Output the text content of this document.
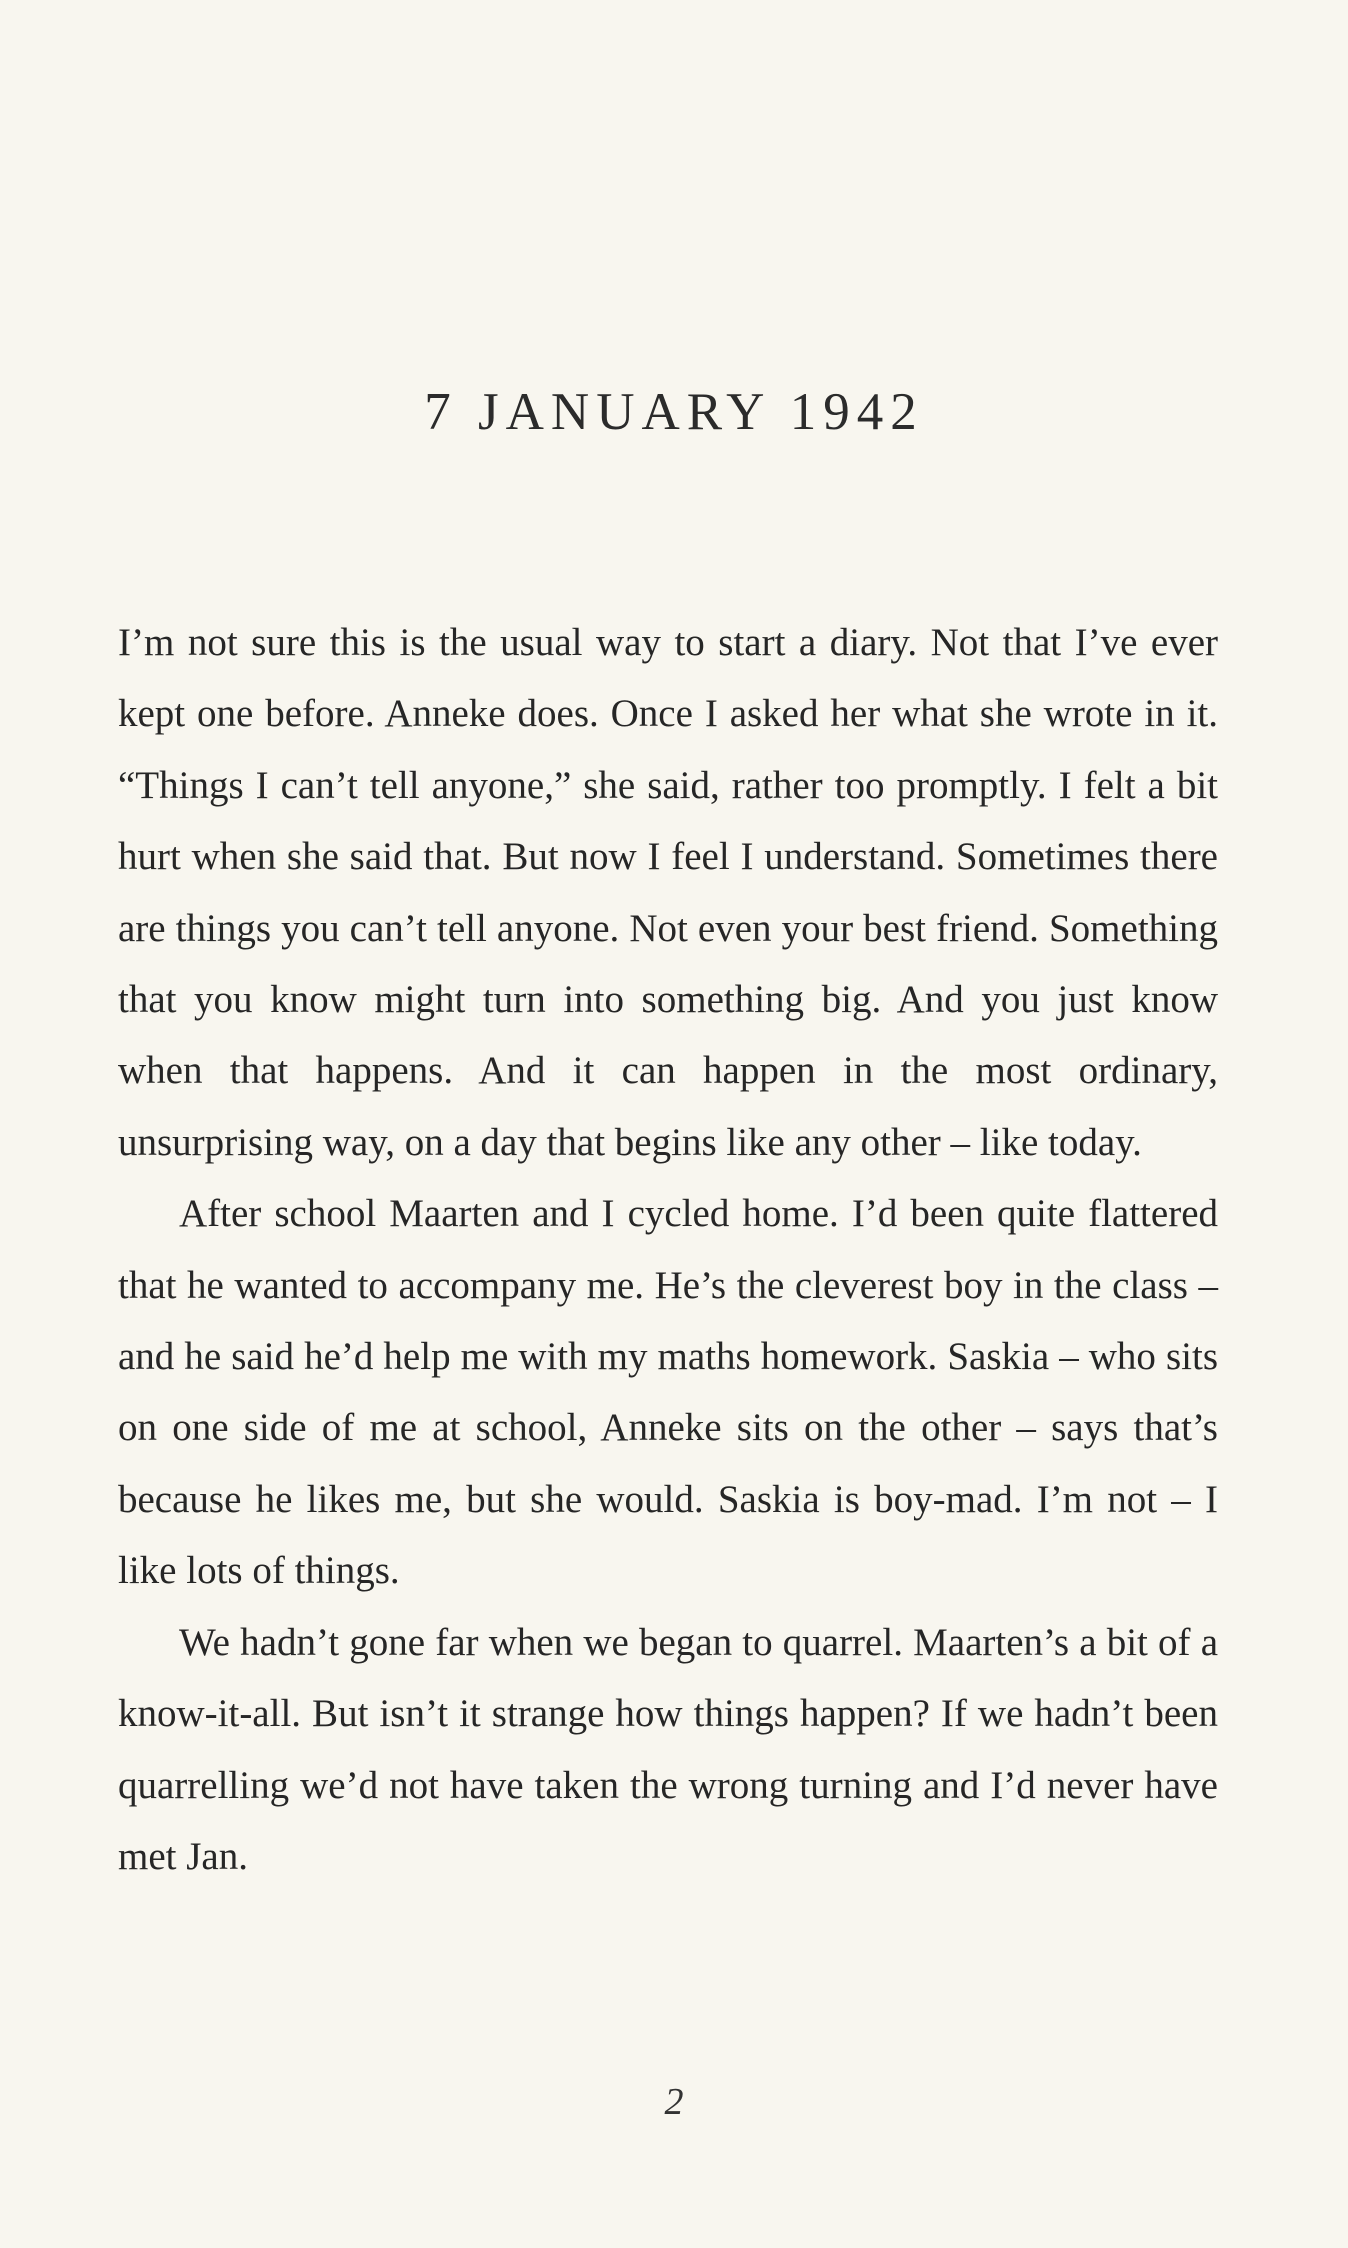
7 JANUARY 1942

I’m not sure this is the usual way to start a diary. Not that I’ve ever kept one before. Anneke does. Once I asked her what she wrote in it. “Things I can’t tell anyone,” she said, rather too promptly. I felt a bit hurt when she said that. But now I feel I understand. Sometimes there are things you can’t tell anyone. Not even your best friend. Something that you know might turn into something big. And you just know when that happens. And it can happen in the most ordinary, unsurprising way, on a day that begins like any other – like today.

After school Maarten and I cycled home. I’d been quite flattered that he wanted to accompany me. He’s the cleverest boy in the class – and he said he’d help me with my maths homework. Saskia – who sits on one side of me at school, Anneke sits on the other – says that’s because he likes me, but she would. Saskia is boy-mad. I’m not – I like lots of things.

We hadn’t gone far when we began to quarrel. Maarten’s a bit of a know-it-all. But isn’t it strange how things happen? If we hadn’t been quarrelling we’d not have taken the wrong turning and I’d never have met Jan.

2
